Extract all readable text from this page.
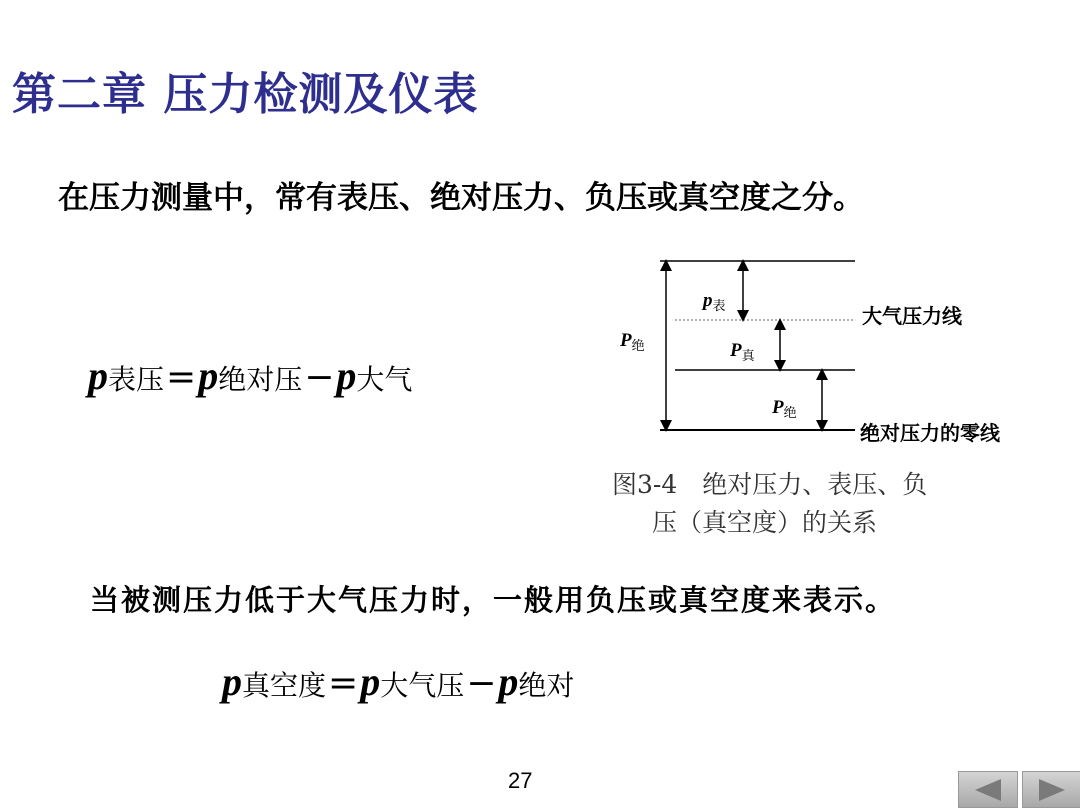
第二章 压力检测及仪表
在压力测量中，常有表压、绝对压力、负压或真空度之分。
p表压=p绝对压−p大气
$p_表$
$P_绝$	$P_真$
$P_绝$
大气压力线
绝对压力的零线
图3-4　绝对压力、表压、负
压（真空度）的关系
当被测压力低于大气压力时，一般用负压或真空度来表示。
p真空度=p大气压−p绝对
27
